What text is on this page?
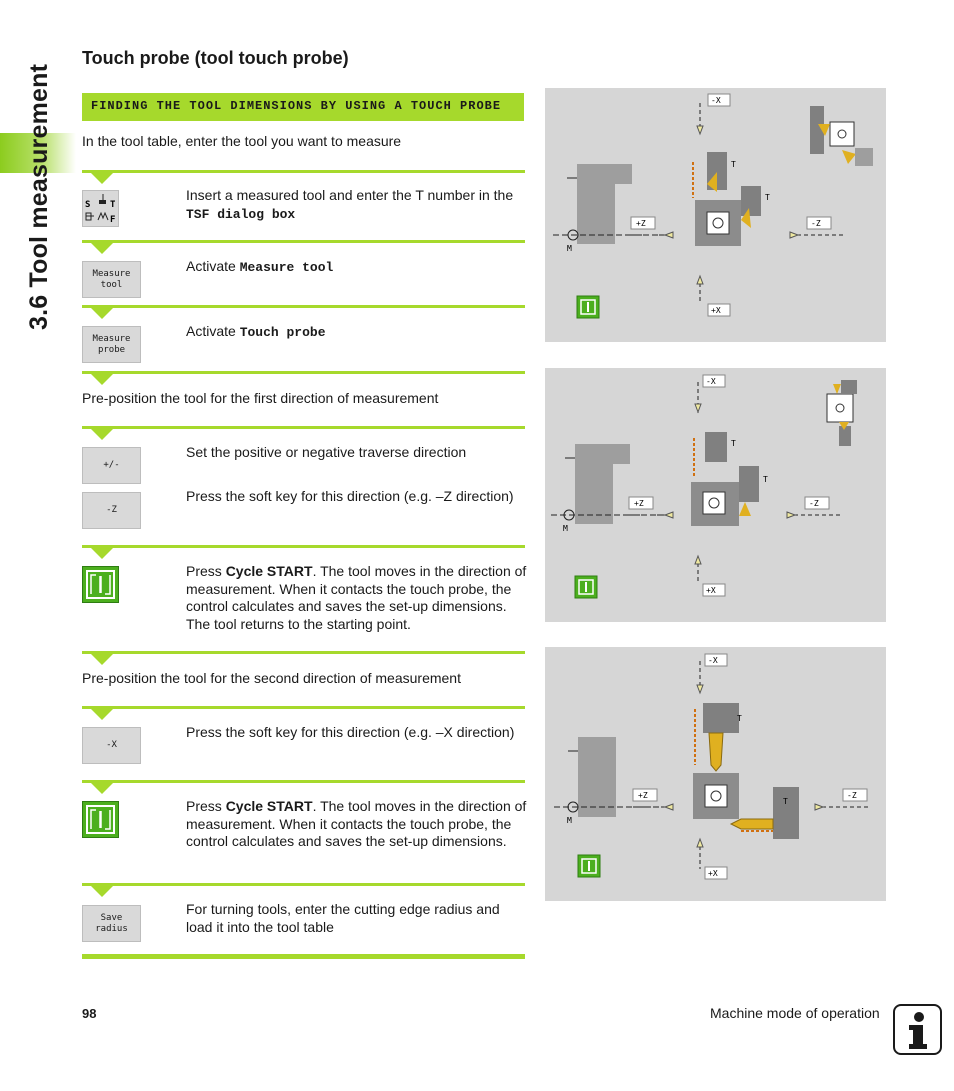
3.6 Tool measurement
Touch probe (tool touch probe)
FINDING THE TOOL DIMENSIONS BY USING A TOUCH PROBE
In the tool table, enter the tool you want to measure
S T
F
Insert a measured tool and enter the T number in the
TSF dialog box
Measure
tool
Activate Measure tool
Measure
probe
Activate Touch probe
Pre-position the tool for the first direction of measurement
+/-
Set the positive or negative traverse direction
-Z
Press the soft key for this direction (e.g. –Z direction)
Press Cycle START. The tool moves in the direction of measurement. When it contacts the touch probe, the control calculates and saves the set-up dimensions. The tool returns to the starting point.
Pre-position the tool for the second direction of measurement
-X
Press the soft key for this direction (e.g. –X direction)
Press Cycle START. The tool moves in the direction of measurement. When it contacts the touch probe, the control calculates and saves the set-up dimensions.
Save
radius
For turning tools, enter the cutting edge radius and load it into the tool table
M
-X
T
T
+Z	-Z
+X
M
-X
T
T
+Z	-Z
+X
M
-X
T
T
+Z	-Z
+X
98	Machine mode of operation
